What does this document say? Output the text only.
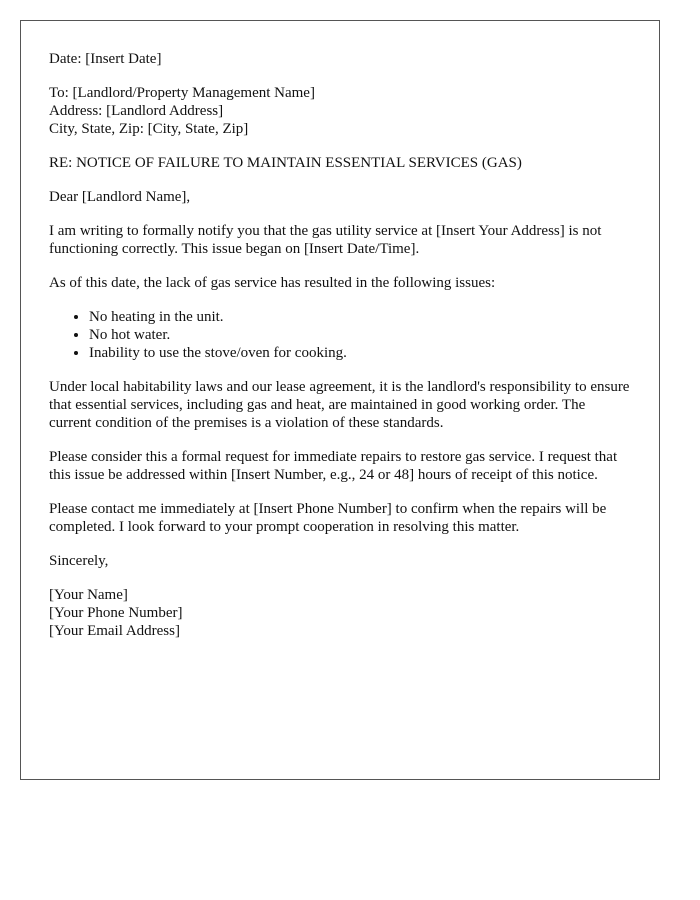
Date: [Insert Date]

To: [Landlord/Property Management Name]
Address: [Landlord Address]
City, State, Zip: [City, State, Zip]

RE: NOTICE OF FAILURE TO MAINTAIN ESSENTIAL SERVICES (GAS)

Dear [Landlord Name],

I am writing to formally notify you that the gas utility service at [Insert Your Address] is not functioning correctly. This issue began on [Insert Date/Time].

As of this date, the lack of gas service has resulted in the following issues:

• No heating in the unit.
• No hot water.
• Inability to use the stove/oven for cooking.

Under local habitability laws and our lease agreement, it is the landlord's responsibility to ensure that essential services, including gas and heat, are maintained in good working order. The current condition of the premises is a violation of these standards.

Please consider this a formal request for immediate repairs to restore gas service. I request that this issue be addressed within [Insert Number, e.g., 24 or 48] hours of receipt of this notice.

Please contact me immediately at [Insert Phone Number] to confirm when the repairs will be completed. I look forward to your prompt cooperation in resolving this matter.

Sincerely,

[Your Name]
[Your Phone Number]
[Your Email Address]
